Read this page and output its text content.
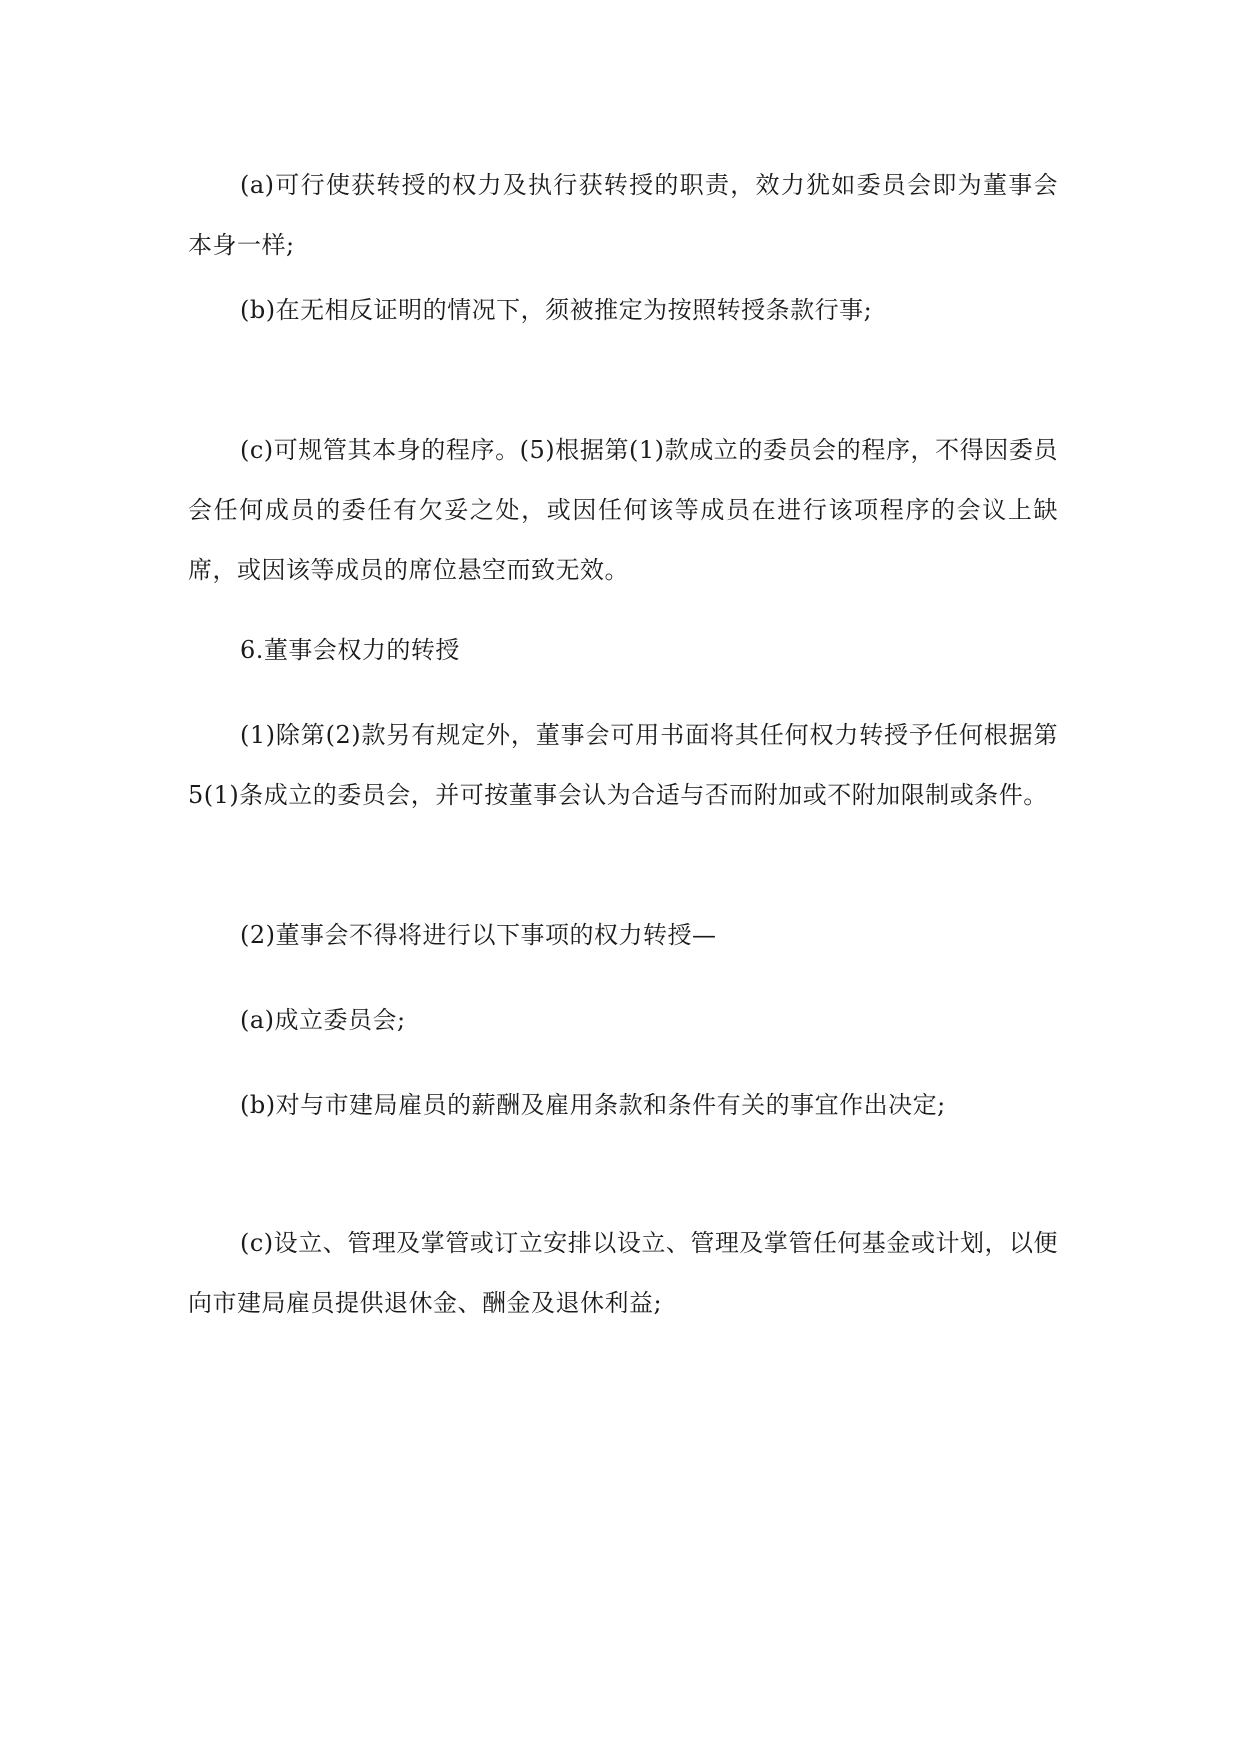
(a)可行使获转授的权力及执行获转授的职责，效力犹如委员会即为董事会本身一样;

(b)在无相反证明的情况下，须被推定为按照转授条款行事;

(c)可规管其本身的程序。(5)根据第(1)款成立的委员会的程序，不得因委员会任何成员的委任有欠妥之处，或因任何该等成员在进行该项程序的会议上缺席，或因该等成员的席位悬空而致无效。

6.董事会权力的转授

(1)除第(2)款另有规定外，董事会可用书面将其任何权力转授予任何根据第5(1)条成立的委员会，并可按董事会认为合适与否而附加或不附加限制或条件。

(2)董事会不得将进行以下事项的权力转授—

(a)成立委员会;

(b)对与市建局雇员的薪酬及雇用条款和条件有关的事宜作出决定;

(c)设立、管理及掌管或订立安排以设立、管理及掌管任何基金或计划，以便向市建局雇员提供退休金、酬金及退休利益;
